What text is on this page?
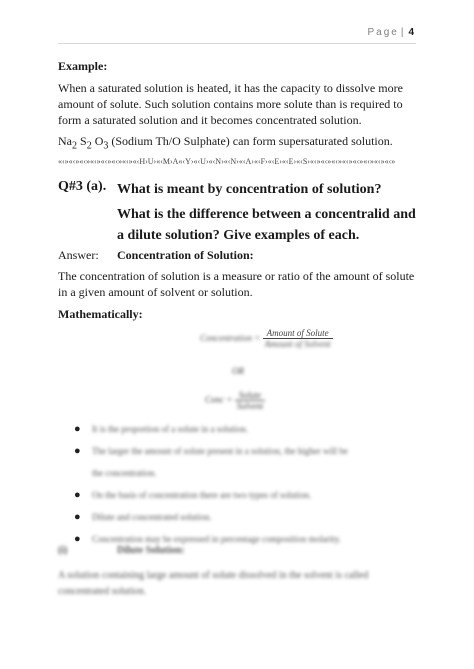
Page | 4
Example:
When a saturated solution is heated, it has the capacity to dissolve more amount of solute. Such solution contains more solute than is required to form a saturated solution and it becomes concentrated solution.
$Na_2$ $S_2$ $O_3$ (Sodium Th/O Sulphate) can form supersaturated solution.
«‹»«‹»«‹»«‹»«‹»«‹»«‹»«‹H›U›«‹M›A«‹Y›«‹U›«‹N›«‹N›«‹A›«‹F›«‹E›«‹E›«‹S›«‹»«‹»«‹»«‹»«‹»«‹»«‹»«‹»
Q#3 (a). What is meant by concentration of solution?
What is the difference between a concentralid and a dilute solution? Give examples of each.
Answer: Concentration of Solution:
The concentration of solution is a measure or ratio of the amount of solute in a given amount of solvent or solution.
Mathematically:
Concentration = $\frac{\text{Amount of Solute}}{\text{Amount of Solvent}}$
OR
Conc = $\frac{\text{Solute}}{\text{Solvent}}$
● It is the proportion of a solute in a solution.
● The larger the amount of solute present in a solution, the higher will be
the concentration.
● On the basis of concentration there are two types of solution.
● Dilute and concentrated solution.
● Concentration may be expressed in percentage composition molarity.
(i)	Dilute Solution:
A solution containing large amount of solute dissolved in the solvent is called concentrated solution.
